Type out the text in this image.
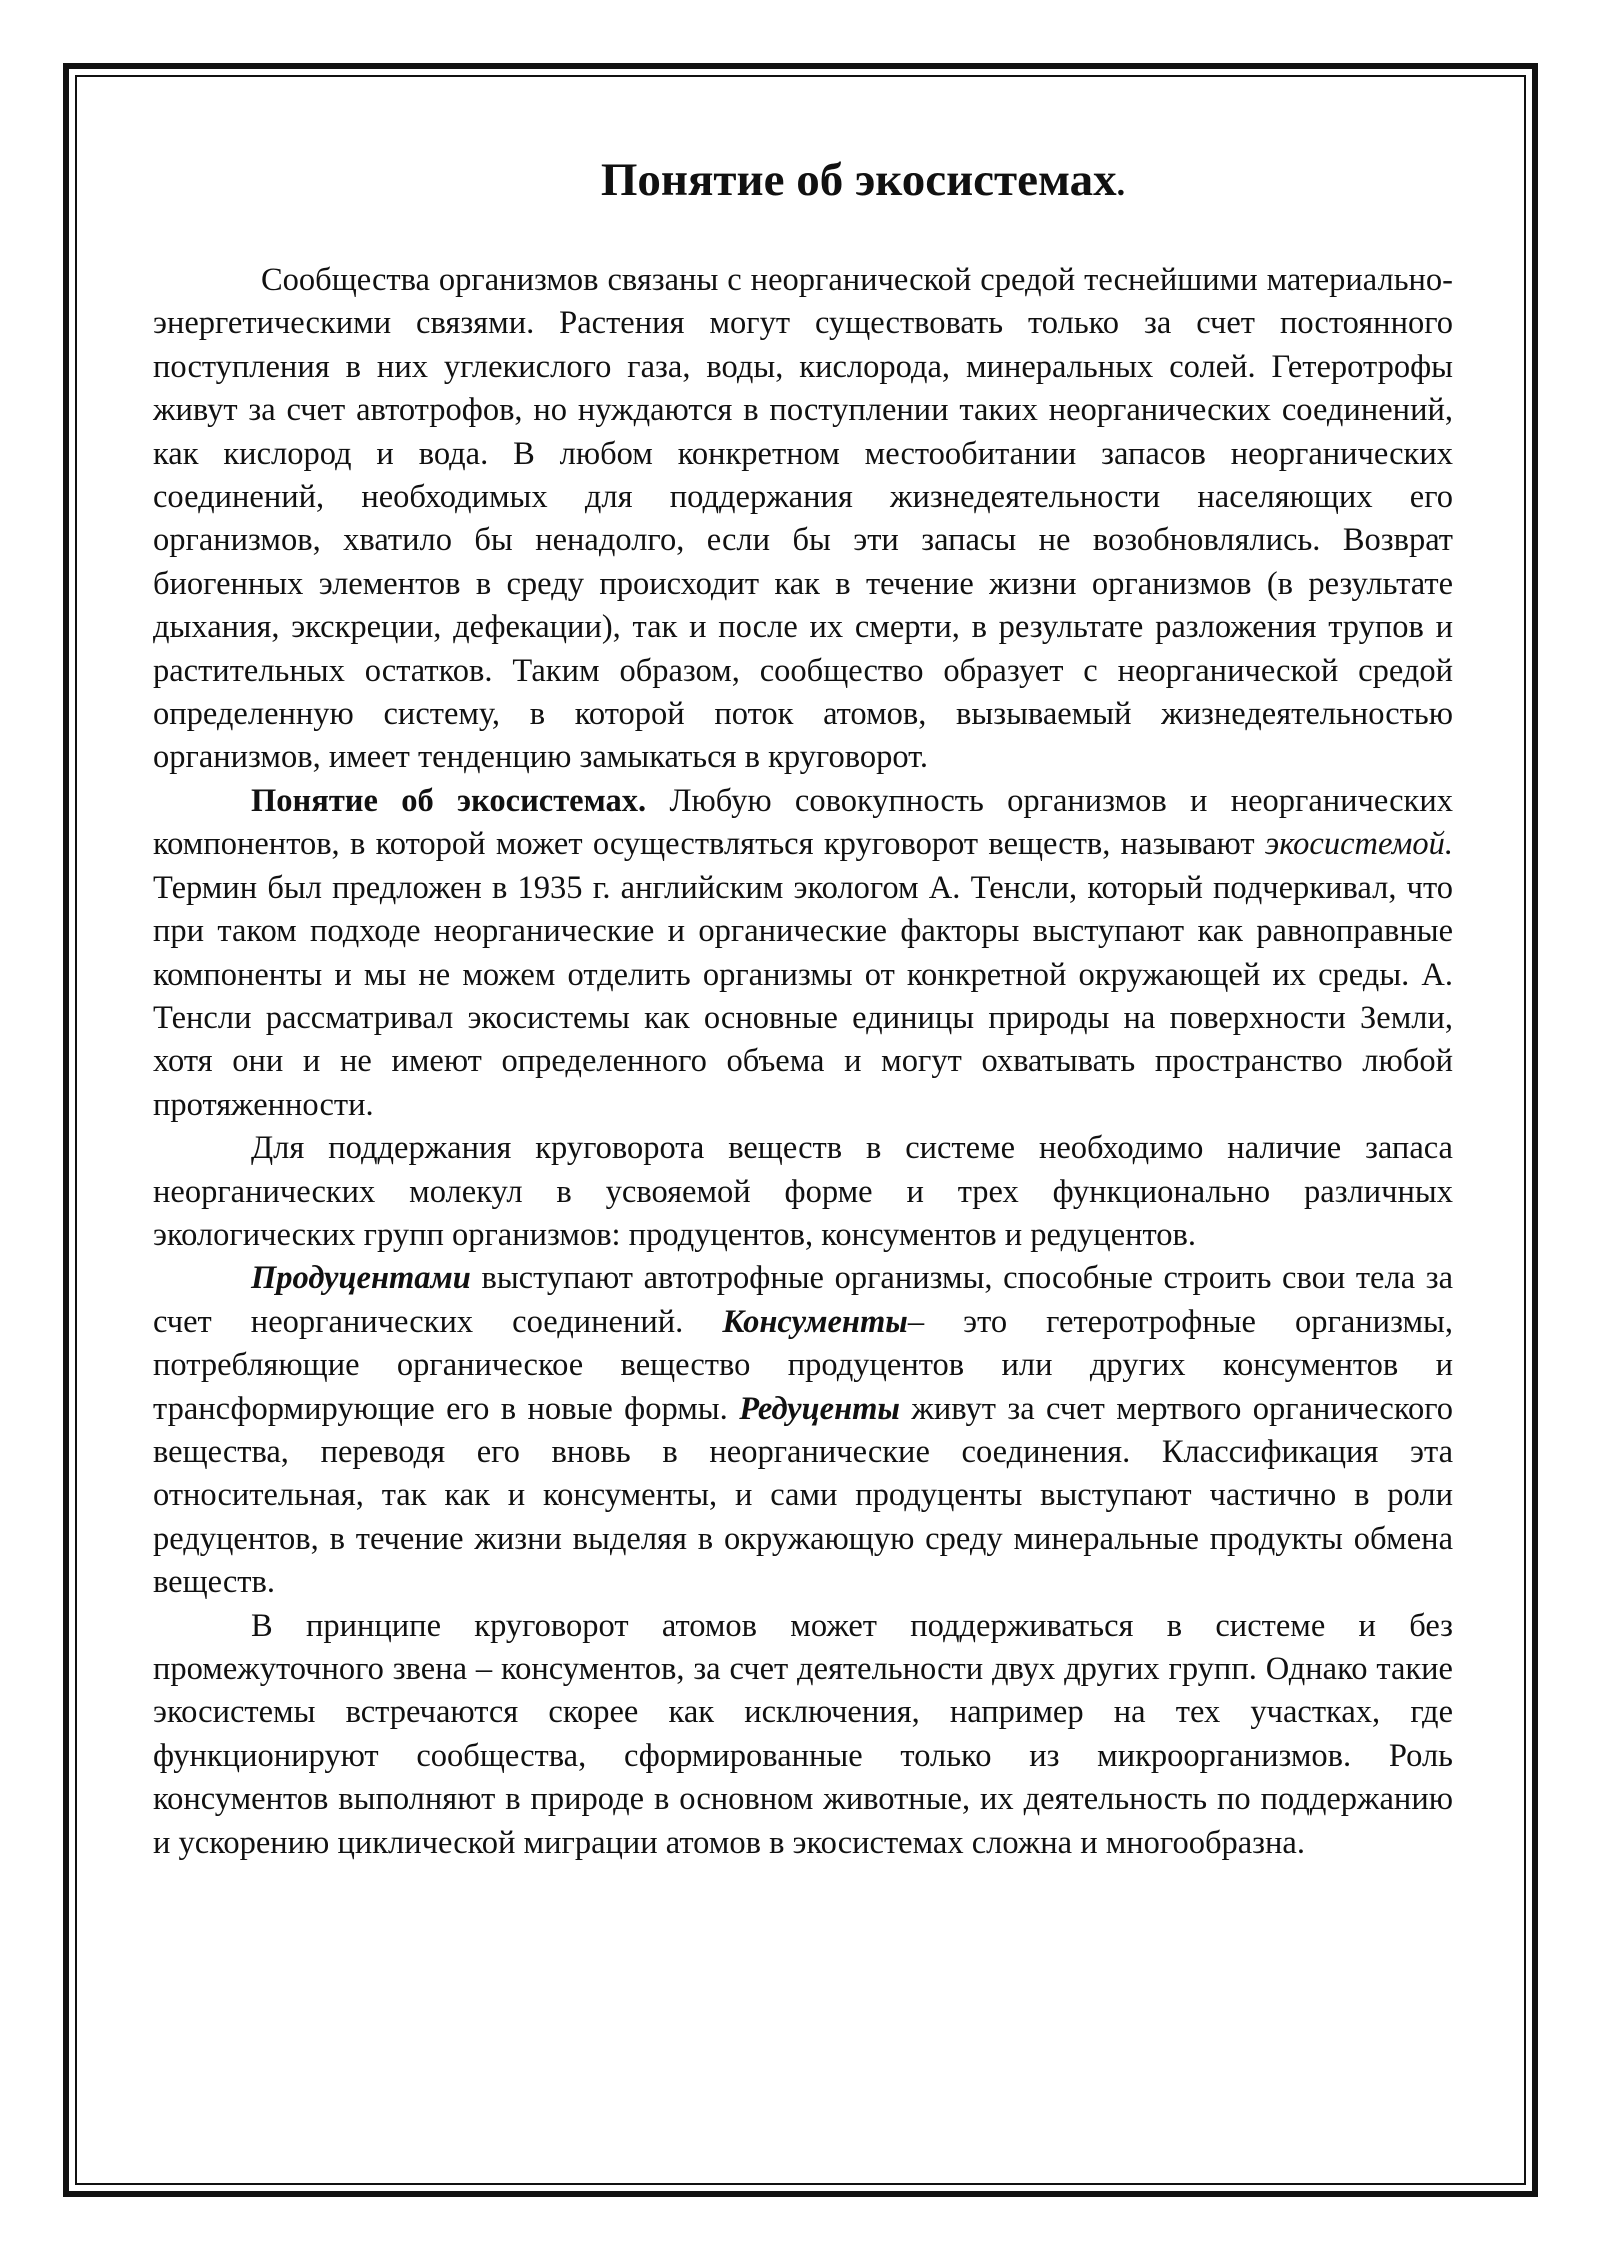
Понятие об экосистемах.

Сообщества организмов связаны с неорганической средой теснейшими материально-энергетическими связями. Растения могут существовать только за счет постоянного поступления в них углекислого газа, воды, кислорода, минеральных солей. Гетеротрофы живут за счет автотрофов, но нуждаются в поступлении таких неорганических соединений, как кислород и вода. В любом конкретном местообитании запасов неорганических соединений, необходимых для поддержания жизнедеятельности населяющих его организмов, хватило бы ненадолго, если бы эти запасы не возобновлялись. Возврат биогенных элементов в среду происходит как в течение жизни организмов (в результате дыхания, экскреции, дефекации), так и после их смерти, в результате разложения трупов и растительных остатков. Таким образом, сообщество образует с неорганической средой определенную систему, в которой поток атомов, вызываемый жизнедеятельностью организмов, имеет тенденцию замыкаться в круговорот.

Понятие об экосистемах. Любую совокупность организмов и неорганических компонентов, в которой может осуществляться круговорот веществ, называют экосистемой. Термин был предложен в 1935 г. английским экологом А. Тенсли, который подчеркивал, что при таком подходе неорганические и органические факторы выступают как равноправные компоненты и мы не можем отделить организмы от конкретной окружающей их среды. А. Тенсли рассматривал экосистемы как основные единицы природы на поверхности Земли, хотя они и не имеют определенного объема и могут охватывать пространство любой протяженности.

Для поддержания круговорота веществ в системе необходимо наличие запаса неорганических молекул в усвояемой форме и трех функционально различных экологических групп организмов: продуцентов, консументов и редуцентов.

Продуцентами выступают автотрофные организмы, способные строить свои тела за счет неорганических соединений. Консументы– это гетеротрофные организмы, потребляющие органическое вещество продуцентов или других консументов и трансформирующие его в новые формы. Редуценты живут за счет мертвого органического вещества, переводя его вновь в неорганические соединения. Классификация эта относительная, так как и консументы, и сами продуценты выступают частично в роли редуцентов, в течение жизни выделяя в окружающую среду минеральные продукты обмена веществ.

В принципе круговорот атомов может поддерживаться в системе и без промежуточного звена – консументов, за счет деятельности двух других групп. Однако такие экосистемы встречаются скорее как исключения, например на тех участках, где функционируют сообщества, сформированные только из микроорганизмов. Роль консументов выполняют в природе в основном животные, их деятельность по поддержанию и ускорению циклической миграции атомов в экосистемах сложна и многообразна.
